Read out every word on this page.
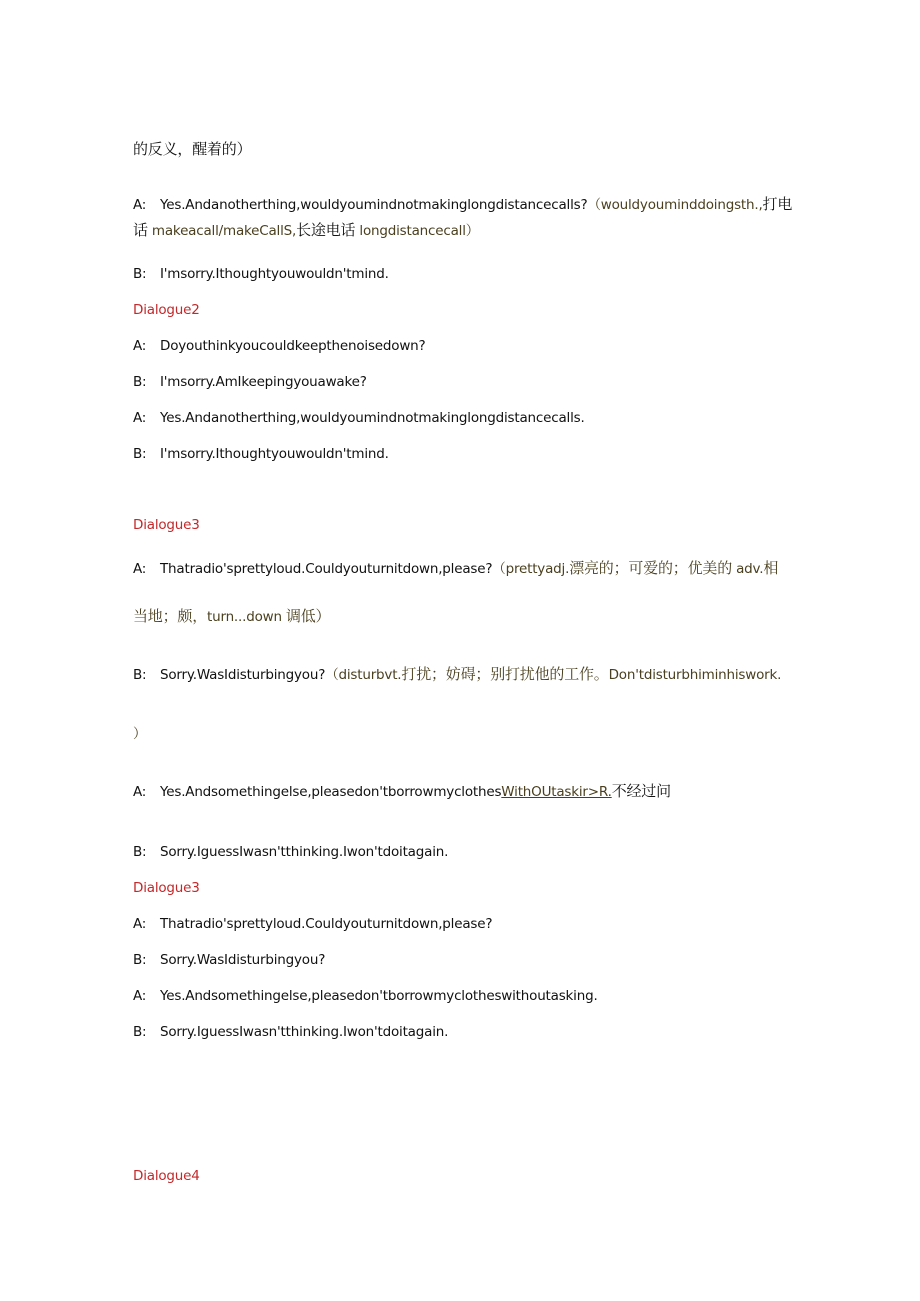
的反义，醒着的）
A: Yes.Andanotherthing,wouldyoumindnotmakinglongdistancecalls?（wouldyouminddoingsth.,打电
话 makeacall/makeCallS,长途电话 longdistancecall）
B: I'msorry.Ithoughtyouwouldn'tmind.
Dialogue2
A: Doyouthinkyoucouldkeepthenoisedown?
B: I'msorry.AmIkeepingyouawake?
A: Yes.Andanotherthing,wouldyoumindnotmakinglongdistancecalls.
B: I'msorry.Ithoughtyouwouldn'tmind.
Dialogue3
A: Thatradio'sprettyloud.Couldyouturnitdown,please?（prettyadj.漂亮的；可爱的；优美的 adv.相
当地；颇，turn...down 调低）
B: Sorry.WasIdisturbingyou?（disturbvt.打扰；妨碍；别打扰他的工作。Don'tdisturbhiminhiswork.
）
A: Yes.Andsomethingelse,pleasedon'tborrowmyclothesWithOUtaskir>R.不经过问
B: Sorry.IguessIwasn'tthinking.Iwon'tdoitagain.
Dialogue3
A: Thatradio'sprettyloud.Couldyouturnitdown,please?
B: Sorry.WasIdisturbingyou?
A: Yes.Andsomethingelse,pleasedon'tborrowmyclotheswithoutasking.
B: Sorry.IguessIwasn'tthinking.Iwon'tdoitagain.
Dialogue4
